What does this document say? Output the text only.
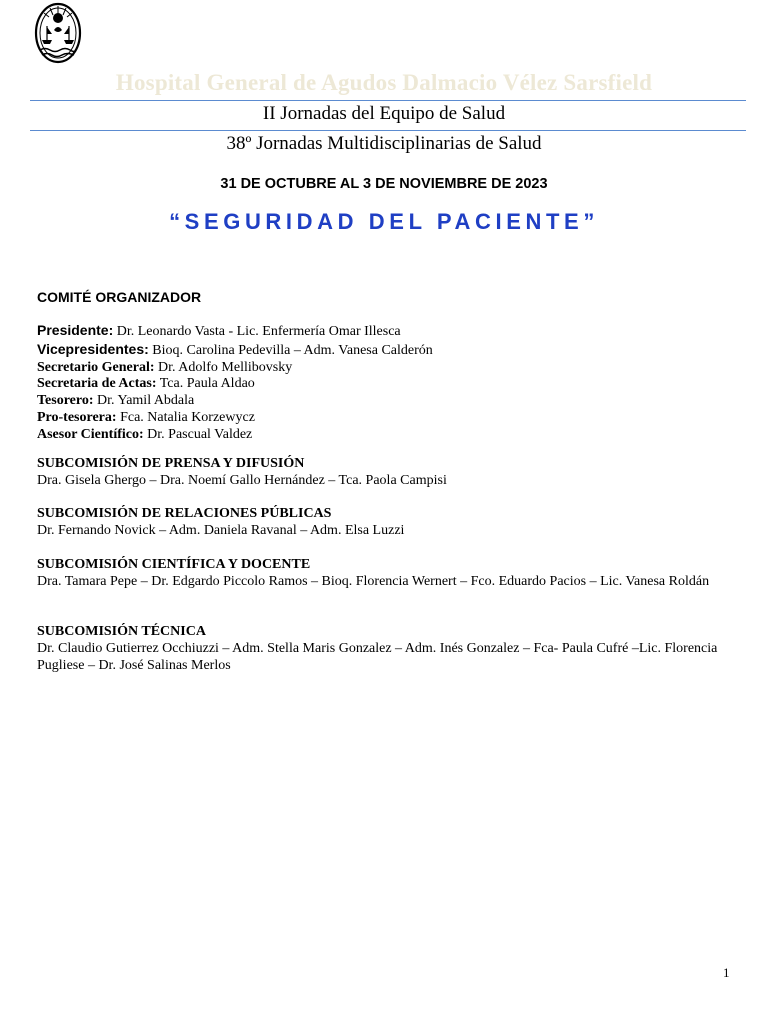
Hospital General de Agudos Dalmacio Vélez Sarsfield
II Jornadas del Equipo de Salud
38º Jornadas Multidisciplinarias de Salud
31 DE OCTUBRE AL 3 DE NOVIEMBRE DE 2023
“SEGURIDAD DEL PACIENTE”
COMITÉ ORGANIZADOR
Presidente: Dr. Leonardo Vasta - Lic. Enfermería Omar Illesca
Vicepresidentes: Bioq. Carolina Pedevilla – Adm. Vanesa Calderón
Secretario General: Dr. Adolfo Mellibovsky
Secretaria de Actas: Tca. Paula Aldao
Tesorero: Dr. Yamil Abdala
Pro-tesorera: Fca. Natalia Korzewycz
Asesor Científico: Dr. Pascual Valdez
SUBCOMISIÓN DE PRENSA Y DIFUSIÓN
Dra. Gisela Ghergo – Dra. Noemí Gallo Hernández – Tca. Paola Campisi
SUBCOMISIÓN DE RELACIONES PÚBLICAS
Dr. Fernando Novick – Adm. Daniela Ravanal – Adm. Elsa Luzzi
SUBCOMISIÓN CIENTÍFICA Y DOCENTE
Dra. Tamara Pepe – Dr. Edgardo Piccolo Ramos – Bioq. Florencia Wernert – Fco. Eduardo Pacios – Lic. Vanesa Roldán
SUBCOMISIÓN TÉCNICA
Dr. Claudio Gutierrez Occhiuzzi – Adm. Stella Maris Gonzalez – Adm. Inés Gonzalez – Fca- Paula Cufré –Lic. Florencia Pugliese – Dr. José Salinas Merlos
1
